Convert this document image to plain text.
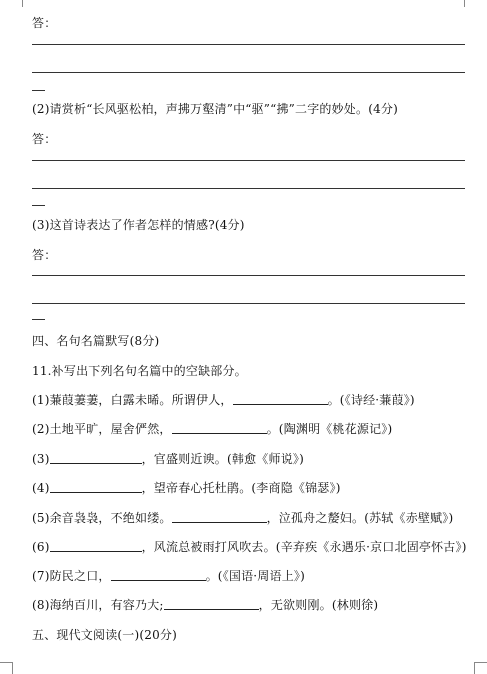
答：
(2)请赏析“长风驱松柏，声拂万壑清”中“驱”“拂”二字的妙处。(4分)
答：
(3)这首诗表达了作者怎样的情感?(4分)
答：
四、名句名篇默写(8分)
11.补写出下列名句名篇中的空缺部分。
(1)蒹葭萋萋，白露未晞。所谓伊人，	。(《诗经·蒹葭》)
(2)土地平旷，屋舍俨然，	。(陶渊明《桃花源记》)
(3)	，官盛则近谀。(韩愈《师说》)
(4)	，望帝春心托杜鹃。(李商隐《锦瑟》)
(5)余音袅袅，不绝如缕。	，泣孤舟之嫠妇。(苏轼《赤壁赋》)
(6)	，风流总被雨打风吹去。(辛弃疾《永遇乐·京口北固亭怀古》)
(7)防民之口，	。(《国语·周语上》)
(8)海纳百川，有容乃大;	，无欲则刚。(林则徐)
五、现代文阅读(一)(20分)
